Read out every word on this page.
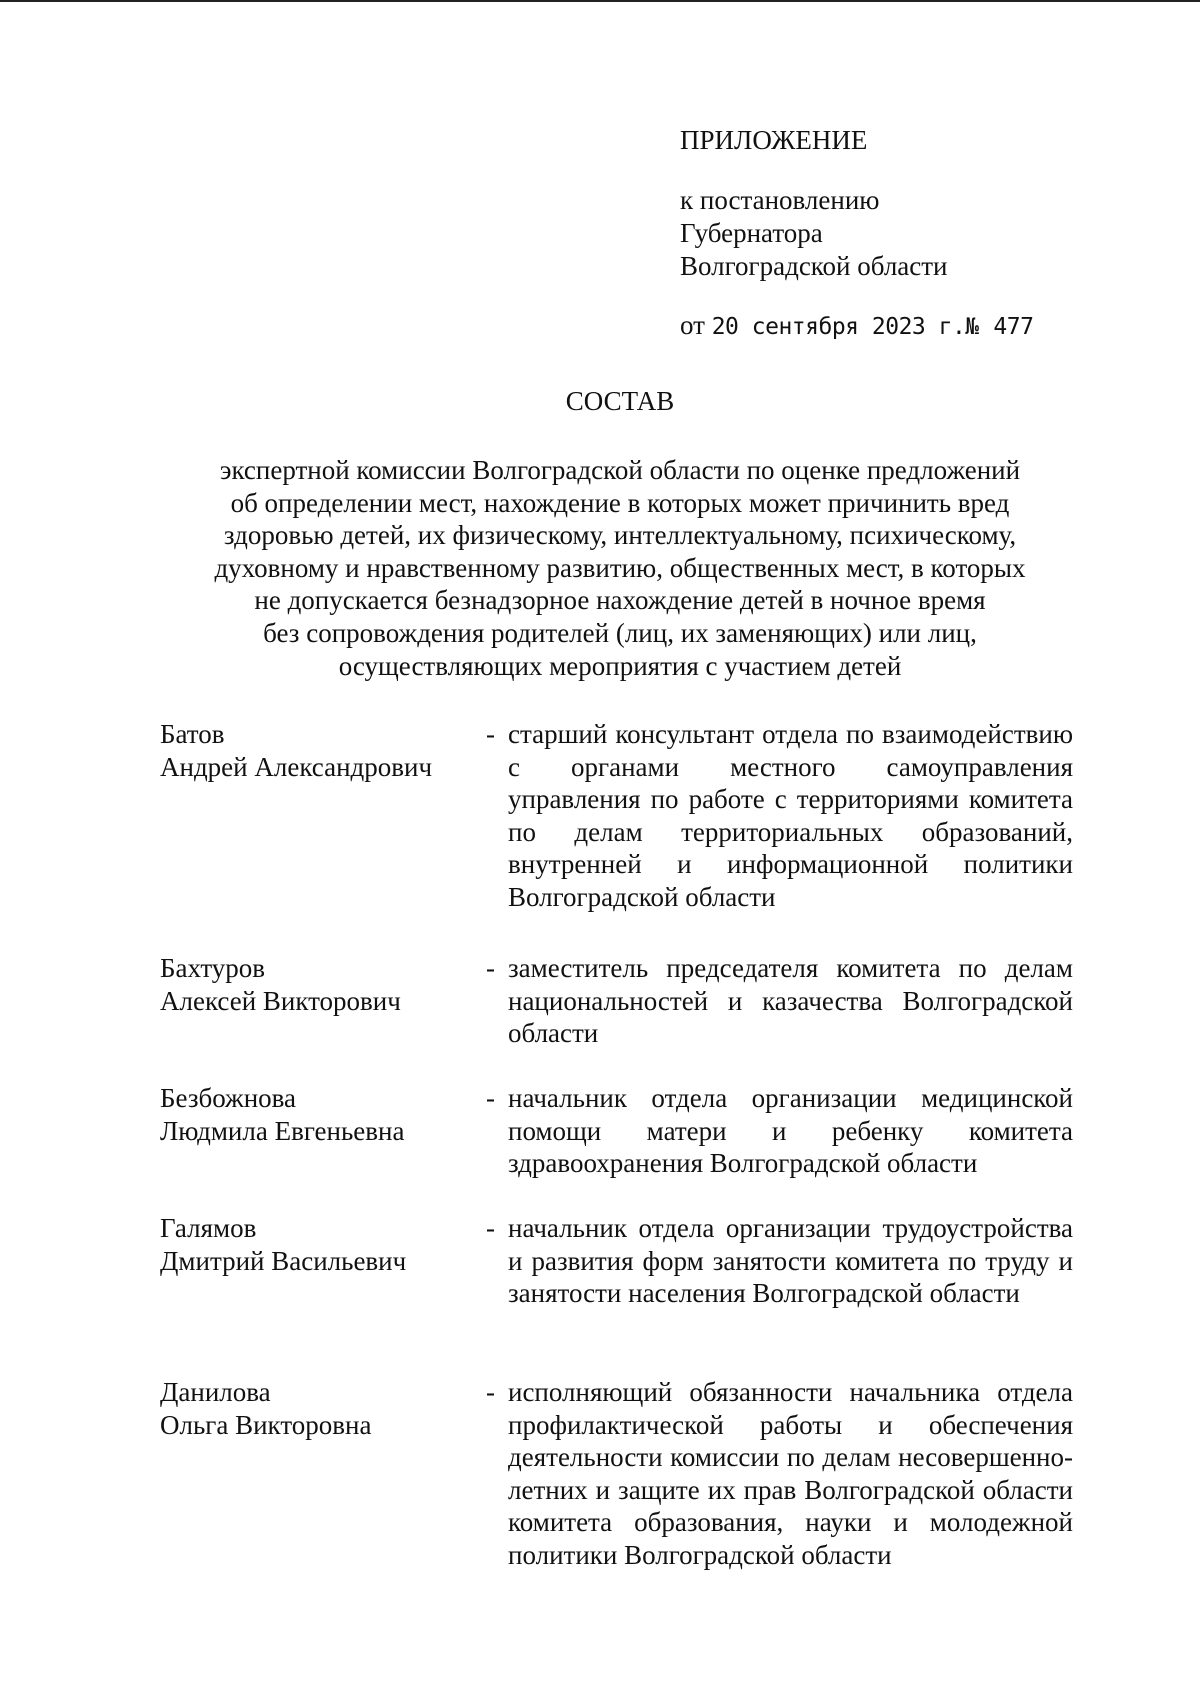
ПРИЛОЖЕНИЕ
к постановлению
Губернатора
Волгоградской области
от 20 сентября 2023 г.№ 477
СОСТАВ
экспертной комиссии Волгоградской области по оценке предложений
об определении мест, нахождение в которых может причинить вред
здоровью детей, их физическому, интеллектуальному, психическому,
духовному и нравственному развитию, общественных мест, в которых
не допускается безнадзорное нахождение детей в ночное время
без сопровождения родителей (лиц, их заменяющих) или лиц,
осуществляющих мероприятия с участием детей
Батов
Андрей Александрович
- старший консультант отдела по взаимодействию с органами местного самоуправления управления по работе с территориями комитета по делам территориальных образований, внутренней и информационной политики Волгоградской области
Бахтуров
Алексей Викторович
- заместитель председателя комитета по делам национальностей и казачества Волгоградской области
Безбожнова
Людмила Евгеньевна
- начальник отдела организации медицинской помощи матери и ребенку комитета здравоохранения Волгоградской области
Галямов
Дмитрий Васильевич
- начальник отдела организации трудоустройства и развития форм занятости комитета по труду и занятости населения Волгоградской области
Данилова
Ольга Викторовна
- исполняющий обязанности начальника отдела профилактической работы и обеспечения деятельности комиссии по делам несовершеннолетних и защите их прав Волгоградской области комитета образования, науки и молодежной политики Волгоградской области
